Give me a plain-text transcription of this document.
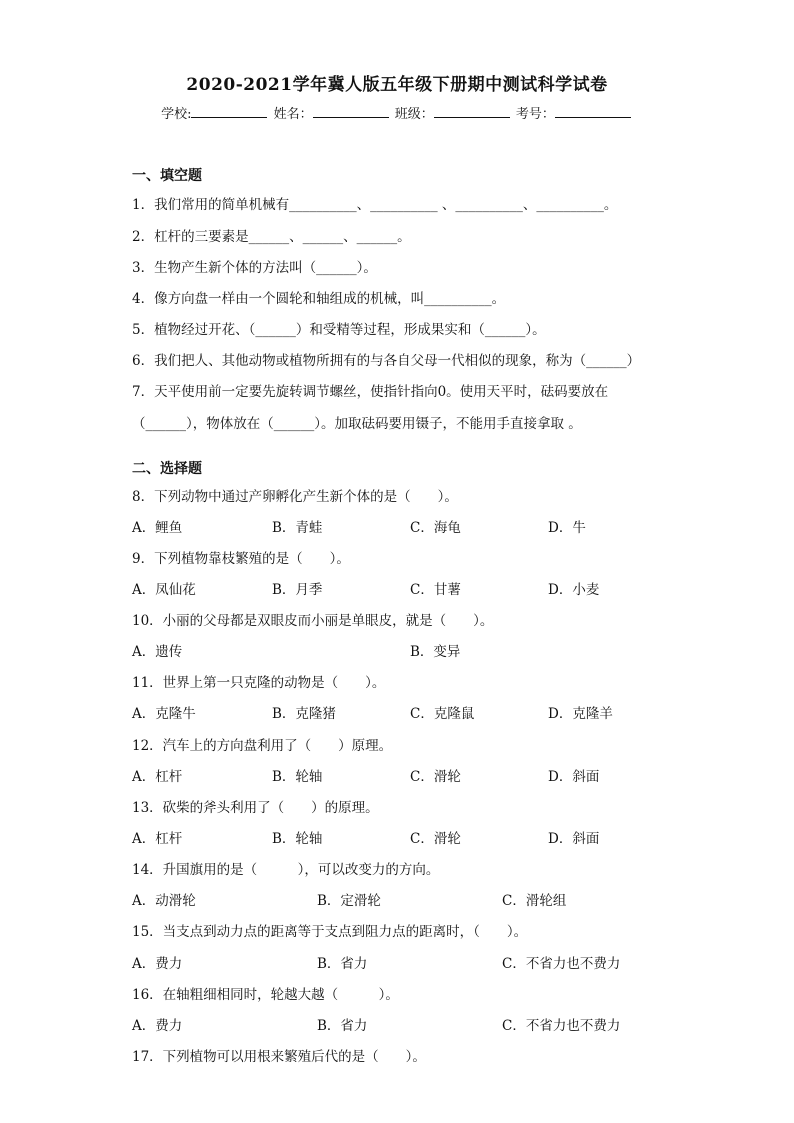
2020-2021学年冀人版五年级下册期中测试科学试卷
学校:	姓名：	班级：	考号：
一、填空题
1．我们常用的简单机械有__________、__________ 、__________、__________。
2．杠杆的三要素是______、______、______。
3．生物产生新个体的方法叫（______）。
4．像方向盘一样由一个圆轮和轴组成的机械，叫__________。
5．植物经过开花、（______）和受精等过程，形成果实和（______）。
6．我们把人、其他动物或植物所拥有的与各自父母一代相似的现象，称为（______）
7．天平使用前一定要先旋转调节螺丝，使指针指向0。使用天平时，砝码要放在
（______），物体放在（______）。加取砝码要用镊子，不能用手直接拿取 。
二、选择题
8．下列动物中通过产卵孵化产生新个体的是（　　）。
A．鲤鱼	B．青蛙	C．海龟	D．牛
9．下列植物靠枝繁殖的是（　　）。
A．凤仙花	B．月季	C．甘薯	D．小麦
10．小丽的父母都是双眼皮而小丽是单眼皮，就是（　　）。
A．遗传	B．变异
11．世界上第一只克隆的动物是（　　）。
A．克隆牛	B．克隆猪	C．克隆鼠	D．克隆羊
12．汽车上的方向盘利用了（　　）原理。
A．杠杆	B．轮轴	C．滑轮	D．斜面
13．砍柴的斧头利用了（　　）的原理。
A．杠杆	B．轮轴	C．滑轮	D．斜面
14．升国旗用的是（　　　），可以改变力的方向。
A．动滑轮	B．定滑轮	C．滑轮组
15．当支点到动力点的距离等于支点到阻力点的距离时，（　　）。
A．费力	B．省力	C．不省力也不费力
16．在轴粗细相同时，轮越大越（　　　）。
A．费力	B．省力	C．不省力也不费力
17．下列植物可以用根来繁殖后代的是（　　）。
